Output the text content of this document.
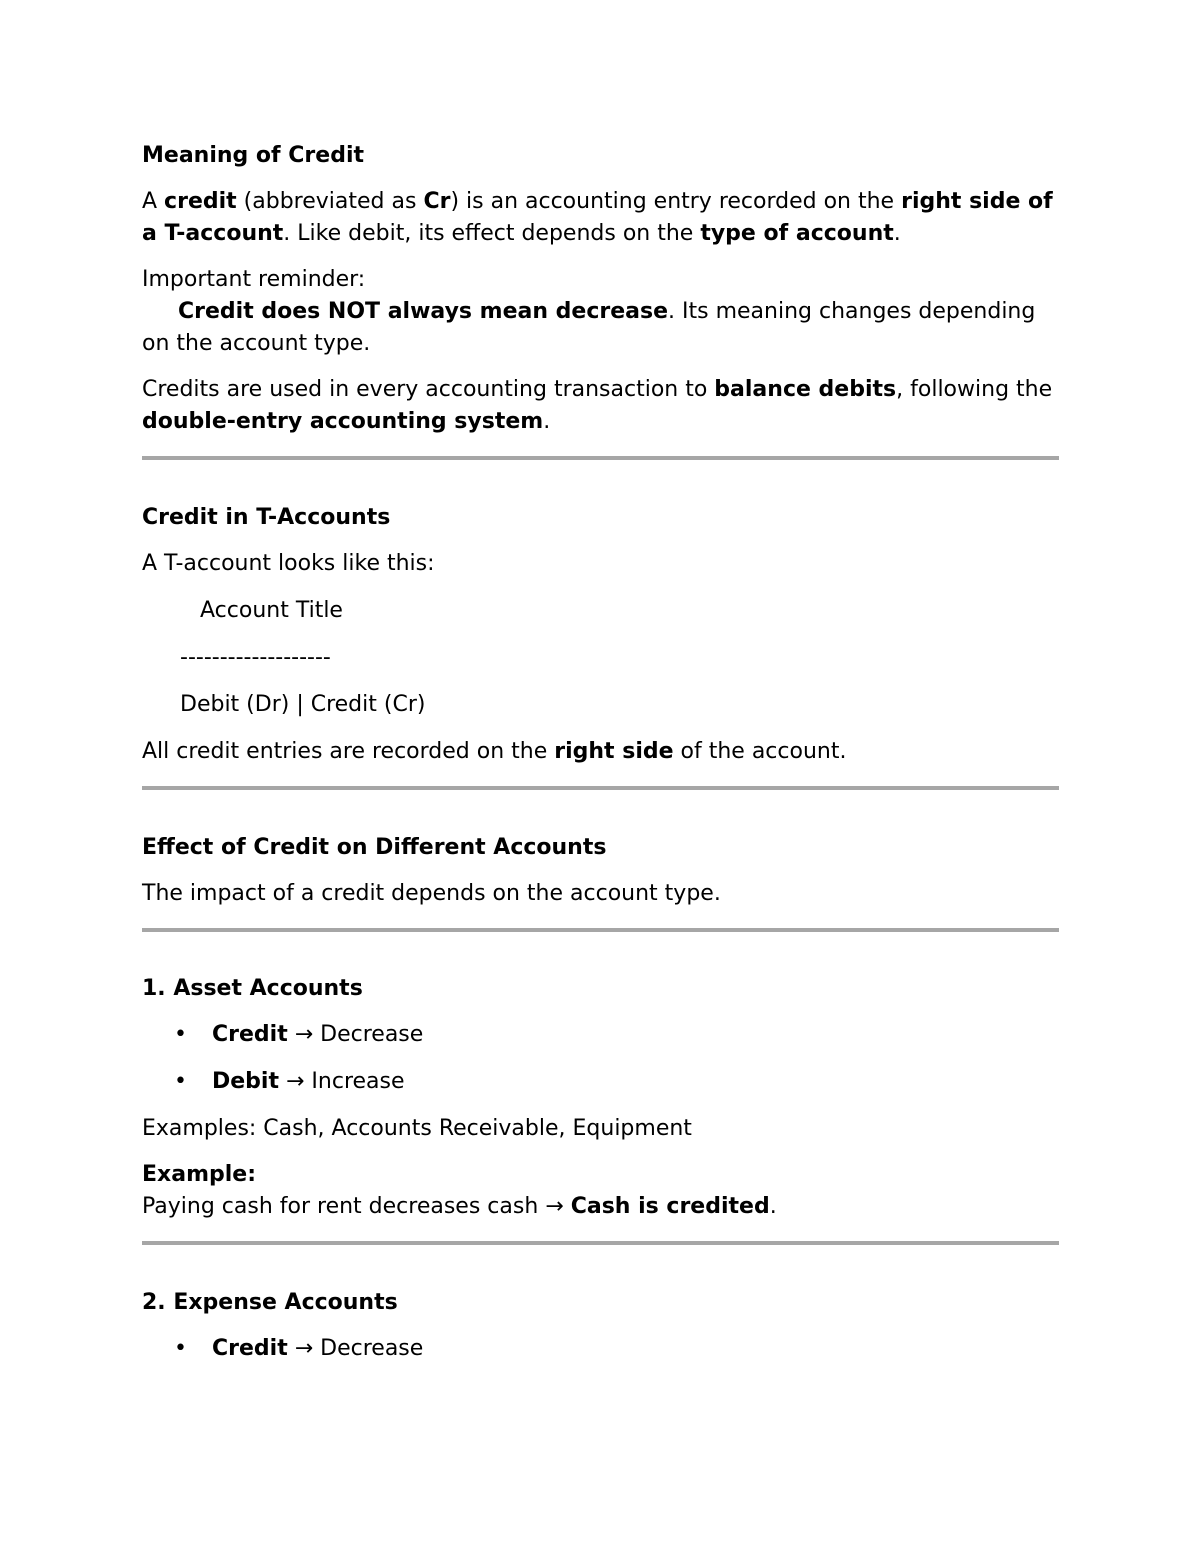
Meaning of Credit

A credit (abbreviated as Cr) is an accounting entry recorded on the right side of a T-account. Like debit, its effect depends on the type of account.

Important reminder:
Credit does NOT always mean decrease. Its meaning changes depending on the account type.

Credits are used in every accounting transaction to balance debits, following the double-entry accounting system.

Credit in T-Accounts

A T-account looks like this:

Account Title
-------------------
Debit (Dr) | Credit (Cr)

All credit entries are recorded on the right side of the account.

Effect of Credit on Different Accounts

The impact of a credit depends on the account type.

1. Asset Accounts
• Credit → Decrease
• Debit → Increase

Examples: Cash, Accounts Receivable, Equipment

Example:

Paying cash for rent decreases cash → Cash is credited.

2. Expense Accounts
• Credit → Decrease
